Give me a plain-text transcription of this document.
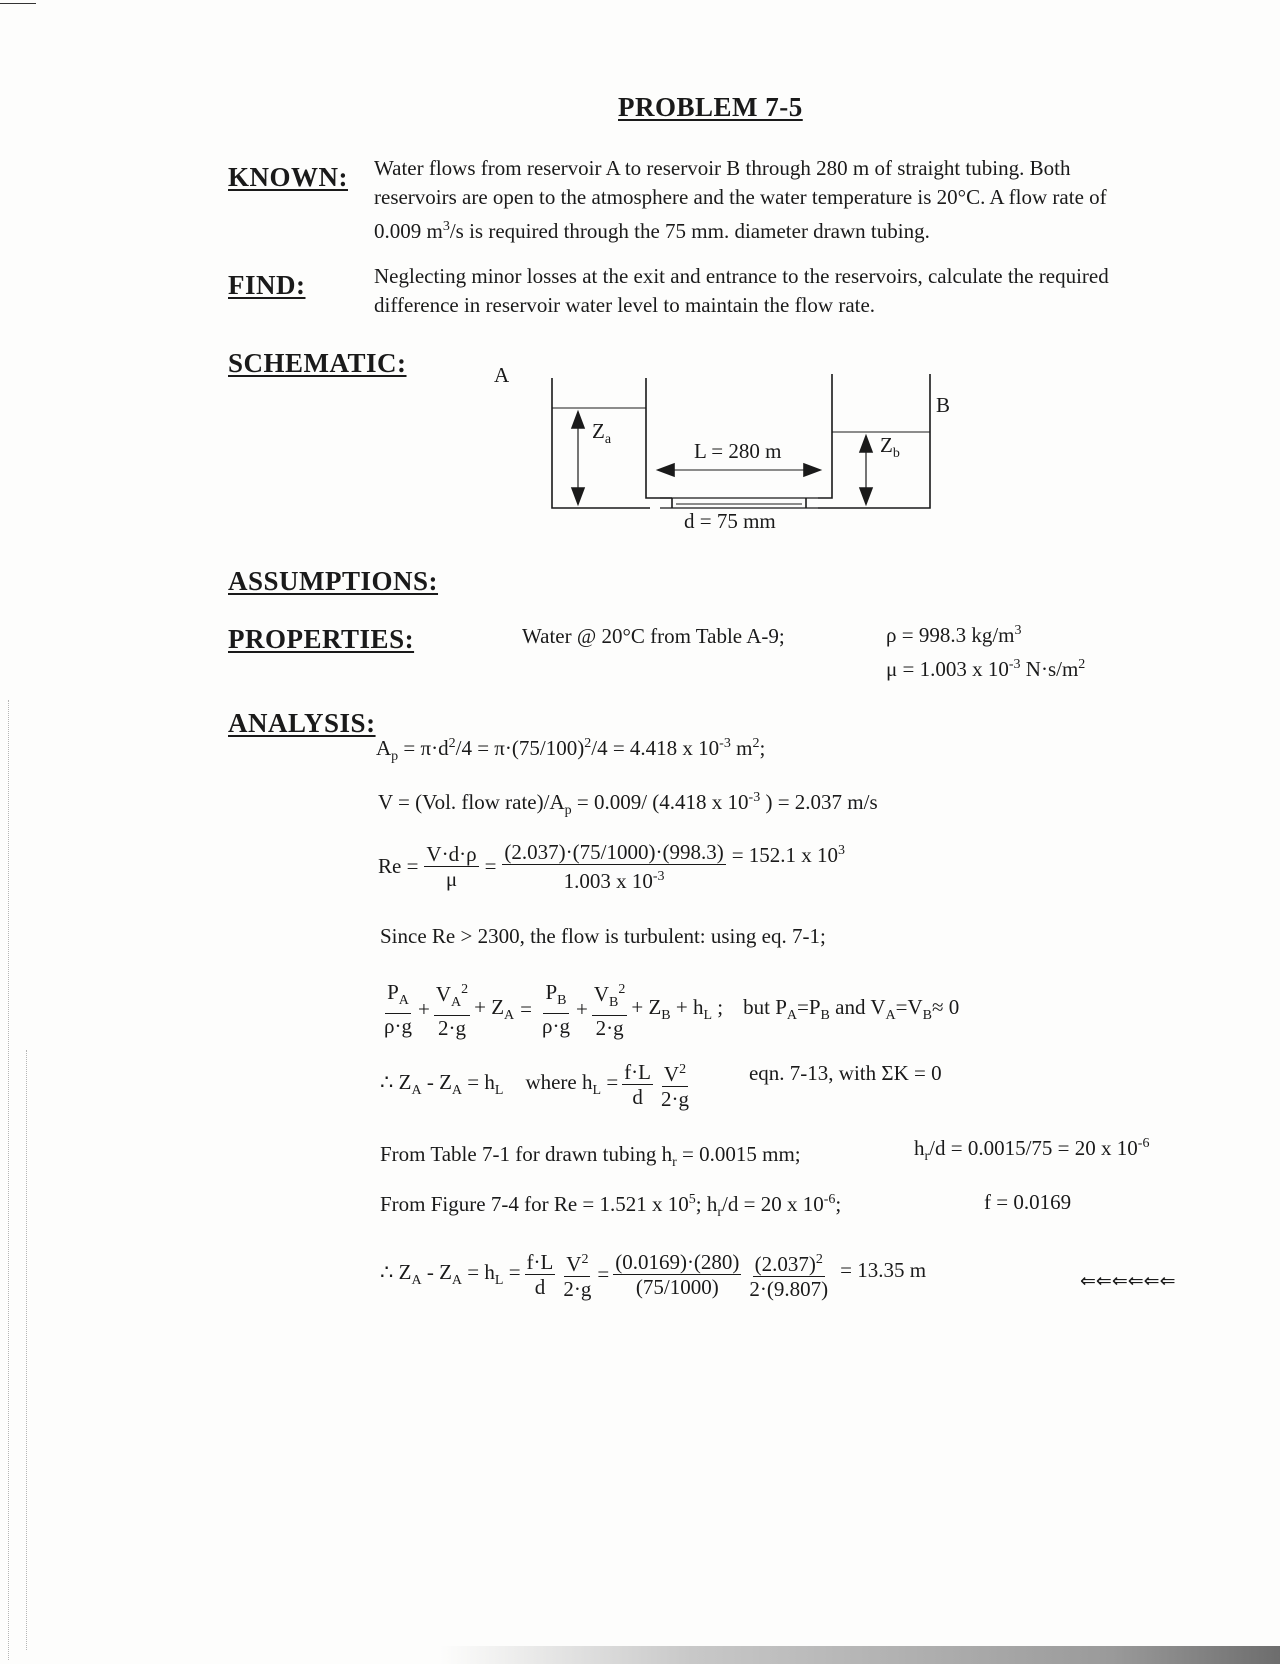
PROBLEM 7-5
KNOWN: Water flows from reservoir A to reservoir B through 280 m of straight tubing. Both
reservoirs are open to the atmosphere and the water temperature is 20°C. A flow rate of
0.009 $m^3/s$ is required through the 75 mm. diameter drawn tubing.
FIND:	Neglecting minor losses at the exit and entrance to the reservoirs, calculate the required
difference in reservoir water level to maintain the flow rate.
SCHEMATIC:	A
B
$Z_a$	$Z_b$
L = 280 m
d = 75 mm
ASSUMPTIONS:
PROPERTIES:	Water @ 20°C from Table A-9;	ρ = 998.3 $kg/m^3$
μ = 1.003 x $10^{-3}$ $N\cdot s/m^2$
ANALYSIS:
$A_p = \pi\cdot d^2/4 = \pi\cdot(75/100)^2/4 = 4.418$ x $10^{-3}$ $m^2$;
V = (Vol. flow $rate)/A_p = 0.009/$ (4.418 x $10^{-3}$ ) = 2.037 m/s
$Re = \frac{V\cdot d\cdot\rho}{\mu} = \frac{(2.037)\cdot(75/1000)\cdot(998.3)}{1.003 x 10^{-3}} = 152.1$ x $10^3$
Since Re > 2300, the flow is turbulent: using eq. 7-1;
$\frac{P_A}{\rho\cdot g} + \frac{V_A^2}{2\cdot g} + Z_A = \frac{P_B}{\rho\cdot g} + \frac{V_B^2}{2\cdot g} + Z_B + h_L$ ; but $P_A=P_B$ and $V_A=V_B\approx 0$
∴ $Z_A - Z_A = h_L$ where $h_L = \frac{f\cdot L}{d} \frac{V^2}{2\cdot g}$	eqn. 7-13, with ΣK = 0
From Table 7-1 for drawn tubing $h_r = 0.0015$ mm;	$h_r/d = 0.0015/75 = 20$ x $10^{-6}$
From Figure 7-4 for Re = 1.521 x $10^5$; $h_r/d = 20$ x $10^{-6}$;	f = 0.0169
∴ $Z_A - Z_A = h_L = \frac{f\cdot L}{d} \frac{V^2}{2\cdot g} = \frac{(0.0169)\cdot(280)}{(75/1000)} \frac{(2.037)^2}{2\cdot(9.807)} = 13.35$ m	⇐⇐⇐⇐⇐⇐
